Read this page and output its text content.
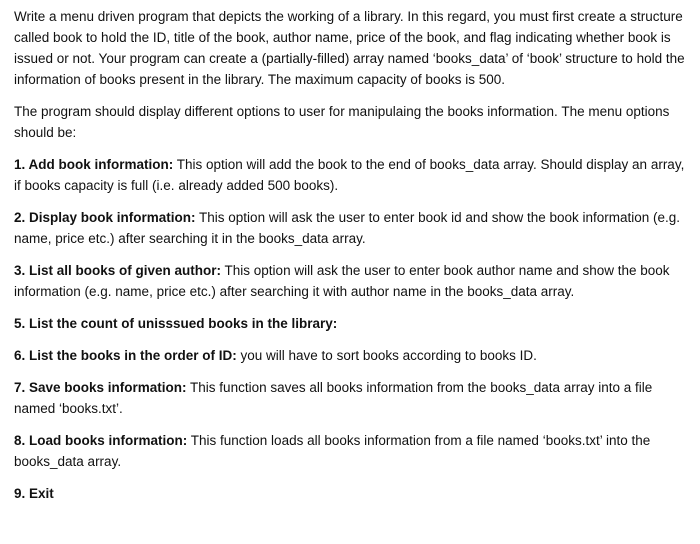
Write a menu driven program that depicts the working of a library. In this regard, you must first create a structure called book to hold the ID, title of the book, author name, price of the book, and flag indicating whether book is issued or not. Your program can create a (partially-filled) array named ‘books_data’ of ‘book’ structure to hold the information of books present in the library. The maximum capacity of books is 500.

The program should display different options to user for manipulaing the books information. The menu options should be:

1. Add book information: This option will add the book to the end of books_data array. Should display an array, if books capacity is full (i.e. already added 500 books).

2. Display book information: This option will ask the user to enter book id and show the book information (e.g. name, price etc.) after searching it in the books_data array.

3. List all books of given author: This option will ask the user to enter book author name and show the book information (e.g. name, price etc.) after searching it with author name in the books_data array.

5. List the count of unisssued books in the library:

6. List the books in the order of ID: you will have to sort books according to books ID.

7. Save books information: This function saves all books information from the books_data array into a file named ‘books.txt’.

8. Load books information: This function loads all books information from a file named ‘books.txt’ into the books_data array.

9. Exit
